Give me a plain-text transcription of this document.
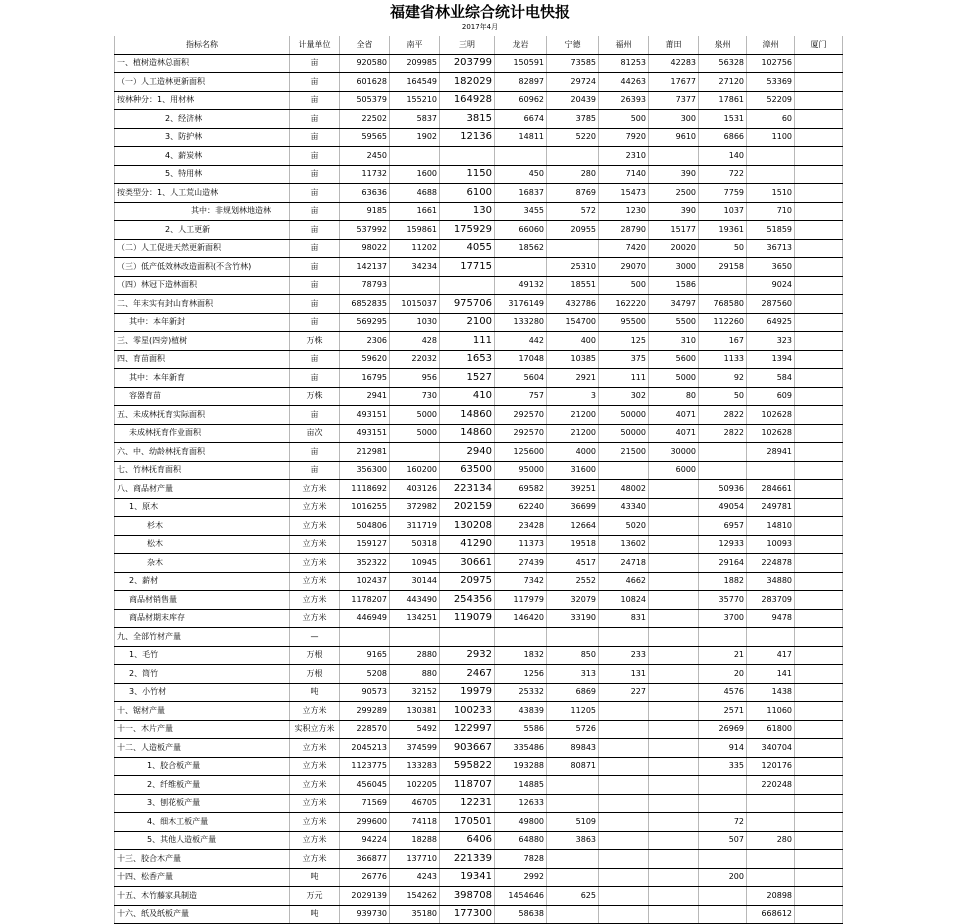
福建省林业综合统计电快报
2017年4月
指标名称	计量单位	全省	南平	三明	龙岩	宁德	福州	莆田	泉州	漳州	厦门
一、植树造林总面积	亩	920580	209985	203799	150591	73585	81253	42283	56328	102756	
（一）人工造林更新面积	亩	601628	164549	182029	82897	29724	44263	17677	27120	53369	
按林种分：1、用材林	亩	505379	155210	164928	60962	20439	26393	7377	17861	52209	
2、经济林	亩	22502	5837	3815	6674	3785	500	300	1531	60	
3、防护林	亩	59565	1902	12136	14811	5220	7920	9610	6866	1100	
4、薪炭林	亩	2450					2310		140		
5、特用林	亩	11732	1600	1150	450	280	7140	390	722		
按类型分：1、人工荒山造林	亩	63636	4688	6100	16837	8769	15473	2500	7759	1510	
其中：非规划林地造林	亩	9185	1661	130	3455	572	1230	390	1037	710	
2、人工更新	亩	537992	159861	175929	66060	20955	28790	15177	19361	51859	
（二）人工促进天然更新面积	亩	98022	11202	4055	18562		7420	20020	50	36713	
（三）低产低效林改造面积(不含竹林)	亩	142137	34234	17715		25310	29070	3000	29158	3650	
（四）林冠下造林面积	亩	78793			49132	18551	500	1586		9024	
二、年末实有封山育林面积	亩	6852835	1015037	975706	3176149	432786	162220	34797	768580	287560	
其中：本年新封	亩	569295	1030	2100	133280	154700	95500	5500	112260	64925	
三、零星(四旁)植树	万株	2306	428	111	442	400	125	310	167	323	
四、育苗面积	亩	59620	22032	1653	17048	10385	375	5600	1133	1394	
其中：本年新育	亩	16795	956	1527	5604	2921	111	5000	92	584	
容器育苗	万株	2941	730	410	757	3	302	80	50	609	
五、未成林抚育实际面积	亩	493151	5000	14860	292570	21200	50000	4071	2822	102628	
未成林抚育作业面积	亩次	493151	5000	14860	292570	21200	50000	4071	2822	102628	
六、中、幼龄林抚育面积	亩	212981		2940	125600	4000	21500	30000		28941	
七、竹林抚育面积	亩	356300	160200	63500	95000	31600		6000			
八、商品材产量	立方米	1118692	403126	223134	69582	39251	48002		50936	284661	
1、原木	立方米	1016255	372982	202159	62240	36699	43340		49054	249781	
杉木	立方米	504806	311719	130208	23428	12664	5020		6957	14810	
松木	立方米	159127	50318	41290	11373	19518	13602		12933	10093	
杂木	立方米	352322	10945	30661	27439	4517	24718		29164	224878	
2、薪材	立方米	102437	30144	20975	7342	2552	4662		1882	34880	
商品材销售量	立方米	1178207	443490	254356	117979	32079	10824		35770	283709	
商品材期末库存	立方米	446949	134251	119079	146420	33190	831		3700	9478	
九、全部竹材产量	—										
1、毛竹	万根	9165	2880	2932	1832	850	233		21	417	
2、筒竹	万根	5208	880	2467	1256	313	131		20	141	
3、小竹材	吨	90573	32152	19979	25332	6869	227		4576	1438	
十、锯材产量	立方米	299289	130381	100233	43839	11205			2571	11060	
十一、木片产量	实积立方米	228570	5492	122997	5586	5726			26969	61800	
十二、人造板产量	立方米	2045213	374599	903667	335486	89843			914	340704	
1、胶合板产量	立方米	1123775	133283	595822	193288	80871			335	120176	
2、纤维板产量	立方米	456045	102205	118707	14885					220248	
3、刨花板产量	立方米	71569	46705	12231	12633						
4、细木工板产量	立方米	299600	74118	170501	49800	5109			72		
5、其他人造板产量	立方米	94224	18288	6406	64880	3863			507	280	
十三、胶合木产量	立方米	366877	137710	221339	7828						
十四、松香产量	吨	26776	4243	19341	2992				200		
十五、木竹藤家具制造	万元	2029139	154262	398708	1454646	625				20898	
十六、纸及纸板产量	吨	939730	35180	177300	58638					668612	
